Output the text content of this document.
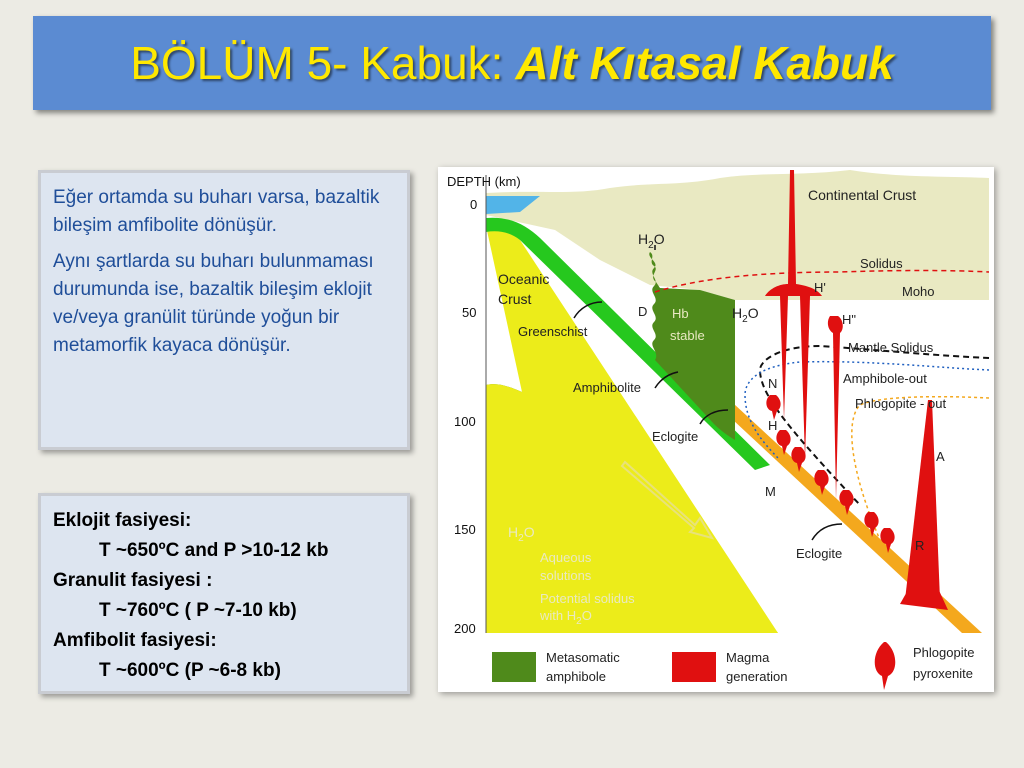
BÖLÜM 5- Kabuk: Alt Kıtasal Kabuk

Eğer ortamda su buharı varsa, bazaltik bileşim amfibolite dönüşür.

Aynı şartlarda su buharı bulunmaması durumunda ise, bazaltik bileşim eklojit ve/veya granülit türünde yoğun bir metamorfik kayaca dönüşür.

Eklojit fasiyesi:
T ~650ºC and P >10-12 kb
Granulit fasiyesi :
T ~760ºC ( P ~7-10 kb)
Amfibolit fasiyesi:
T ~600ºC (P ~6-8 kb)
DEPTH (km)
0
50
100
150
200
Continental Crust
Solidus
Moho
Oceanic
Crust
Greenschist
Amphibolite
Eclogite
Eclogite
Hb
stable
$H_2O$
$H_2O$
$H_2O$
Mantle Solidus
Amphibole-out
Phlogopite - out
Aqueous
solutions
Potential solidus
with $H_2O$
D
N
H
H'
H"
A
M
R
Metasomatic
amphibole
Magma
generation
Phlogopite
pyroxenite
